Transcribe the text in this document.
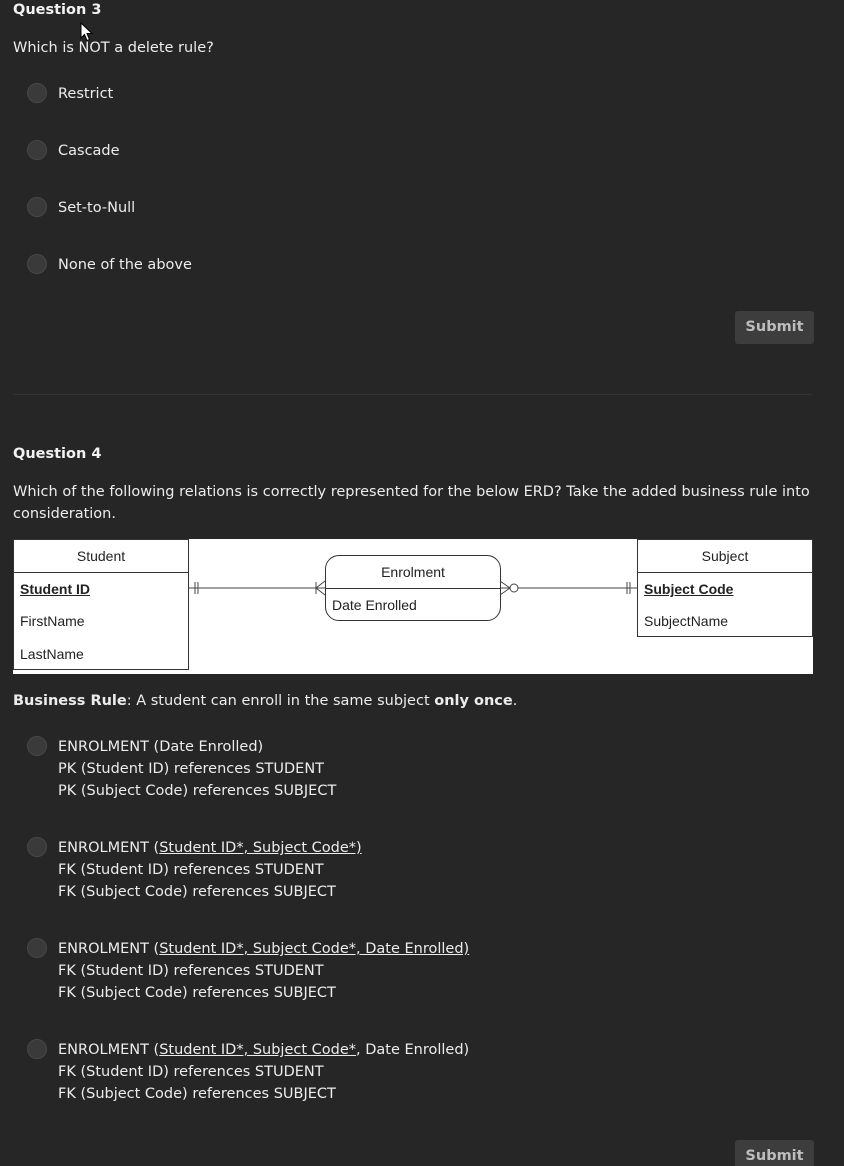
Question 3
Which is NOT a delete rule?
Restrict
Cascade
Set-to-Null
None of the above
Submit
Question 4
Which of the following relations is correctly represented for the below ERD? Take the added business rule into consideration.
Student
Student ID
FirstName
LastName
Enrolment
Date Enrolled
Subject
Subject Code
SubjectName
Business Rule: A student can enroll in the same subject only once.
ENROLMENT (Date Enrolled)
PK (Student ID) references STUDENT
PK (Subject Code) references SUBJECT
ENROLMENT (Student ID*, Subject Code*)
FK (Student ID) references STUDENT
FK (Subject Code) references SUBJECT
ENROLMENT (Student ID*, Subject Code*, Date Enrolled)
FK (Student ID) references STUDENT
FK (Subject Code) references SUBJECT
ENROLMENT (Student ID*, Subject Code*, Date Enrolled)
FK (Student ID) references STUDENT
FK (Subject Code) references SUBJECT
Submit
